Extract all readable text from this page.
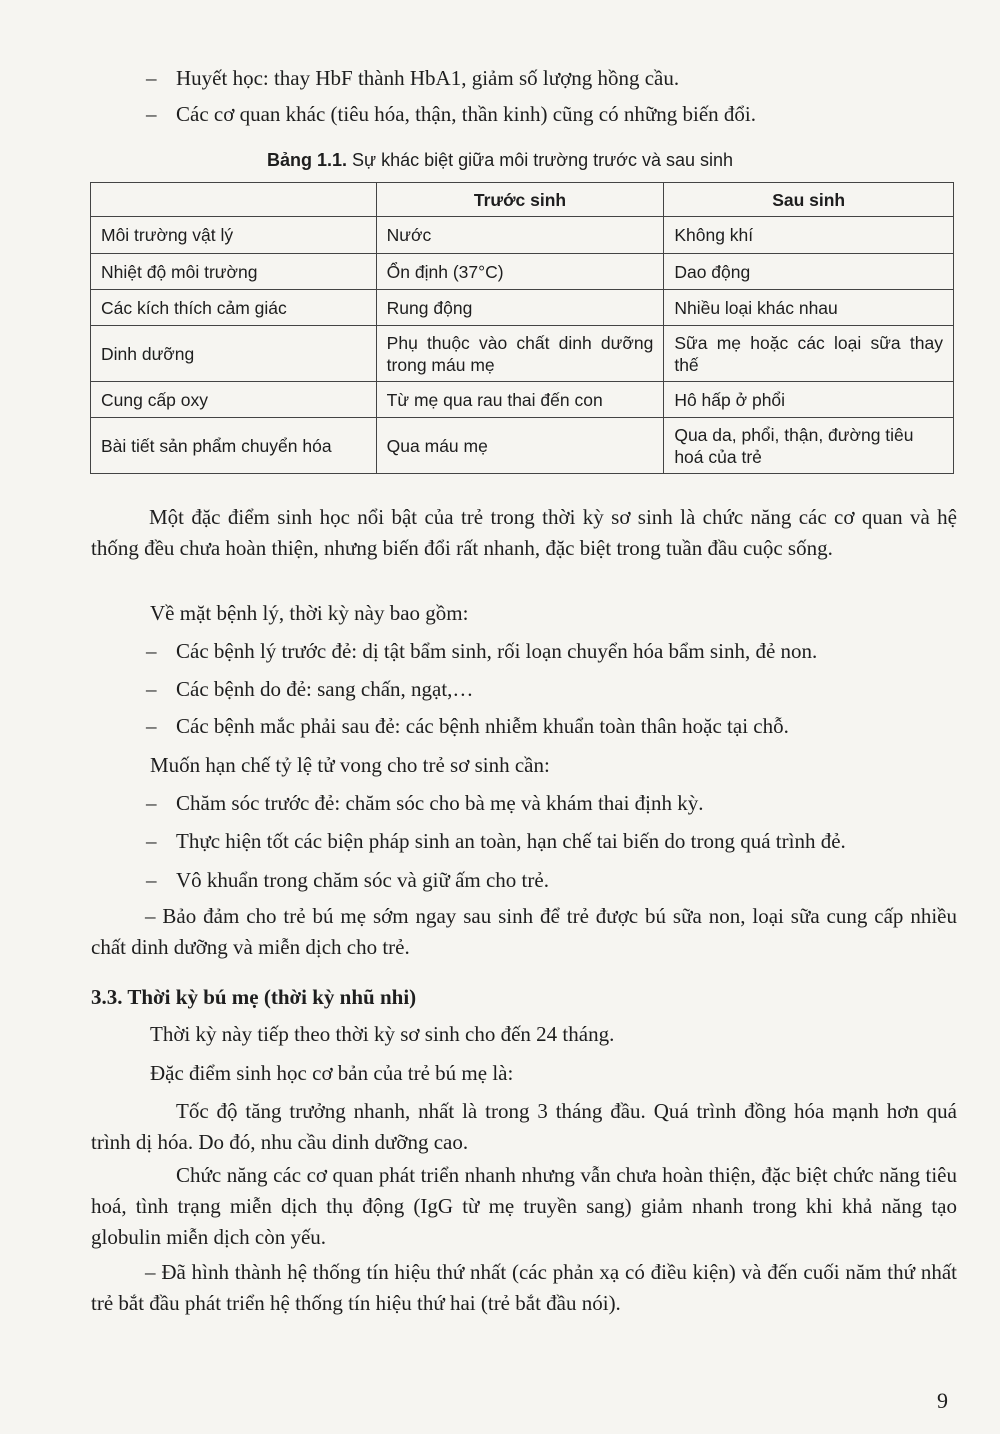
– Huyết học: thay HbF thành HbA1, giảm số lượng hồng cầu.
– Các cơ quan khác (tiêu hóa, thận, thần kinh) cũng có những biến đổi.
Bảng 1.1. Sự khác biệt giữa môi trường trước và sau sinh
	Trước sinh	Sau sinh
Môi trường vật lý	Nước	Không khí
Nhiệt độ môi trường	Ổn định (37°C)	Dao động
Các kích thích cảm giác	Rung động	Nhiều loại khác nhau
Dinh dưỡng	Phụ thuộc vào chất dinh dưỡng trong máu mẹ	Sữa mẹ hoặc các loại sữa thay thế
Cung cấp oxy	Từ mẹ qua rau thai đến con	Hô hấp ở phổi
Bài tiết sản phẩm chuyển hóa	Qua máu mẹ	Qua da, phổi, thận, đường tiêu hoá của trẻ
Một đặc điểm sinh học nổi bật của trẻ trong thời kỳ sơ sinh là chức năng các cơ quan và hệ thống đều chưa hoàn thiện, nhưng biến đổi rất nhanh, đặc biệt trong tuần đầu cuộc sống.
Về mặt bệnh lý, thời kỳ này bao gồm:
– Các bệnh lý trước đẻ: dị tật bẩm sinh, rối loạn chuyển hóa bẩm sinh, đẻ non.
– Các bệnh do đẻ: sang chấn, ngạt,…
– Các bệnh mắc phải sau đẻ: các bệnh nhiễm khuẩn toàn thân hoặc tại chỗ.
Muốn hạn chế tỷ lệ tử vong cho trẻ sơ sinh cần:
– Chăm sóc trước đẻ: chăm sóc cho bà mẹ và khám thai định kỳ.
– Thực hiện tốt các biện pháp sinh an toàn, hạn chế tai biến do trong quá trình đẻ.
– Vô khuẩn trong chăm sóc và giữ ấm cho trẻ.
– Bảo đảm cho trẻ bú mẹ sớm ngay sau sinh để trẻ được bú sữa non, loại sữa cung cấp nhiều chất dinh dưỡng và miễn dịch cho trẻ.
3.3. Thời kỳ bú mẹ (thời kỳ nhũ nhi)
Thời kỳ này tiếp theo thời kỳ sơ sinh cho đến 24 tháng.
Đặc điểm sinh học cơ bản của trẻ bú mẹ là:
Tốc độ tăng trưởng nhanh, nhất là trong 3 tháng đầu. Quá trình đồng hóa mạnh hơn quá trình dị hóa. Do đó, nhu cầu dinh dưỡng cao.
Chức năng các cơ quan phát triển nhanh nhưng vẫn chưa hoàn thiện, đặc biệt chức năng tiêu hoá, tình trạng miễn dịch thụ động (IgG từ mẹ truyền sang) giảm nhanh trong khi khả năng tạo globulin miễn dịch còn yếu.
– Đã hình thành hệ thống tín hiệu thứ nhất (các phản xạ có điều kiện) và đến cuối năm thứ nhất trẻ bắt đầu phát triển hệ thống tín hiệu thứ hai (trẻ bắt đầu nói).
9
